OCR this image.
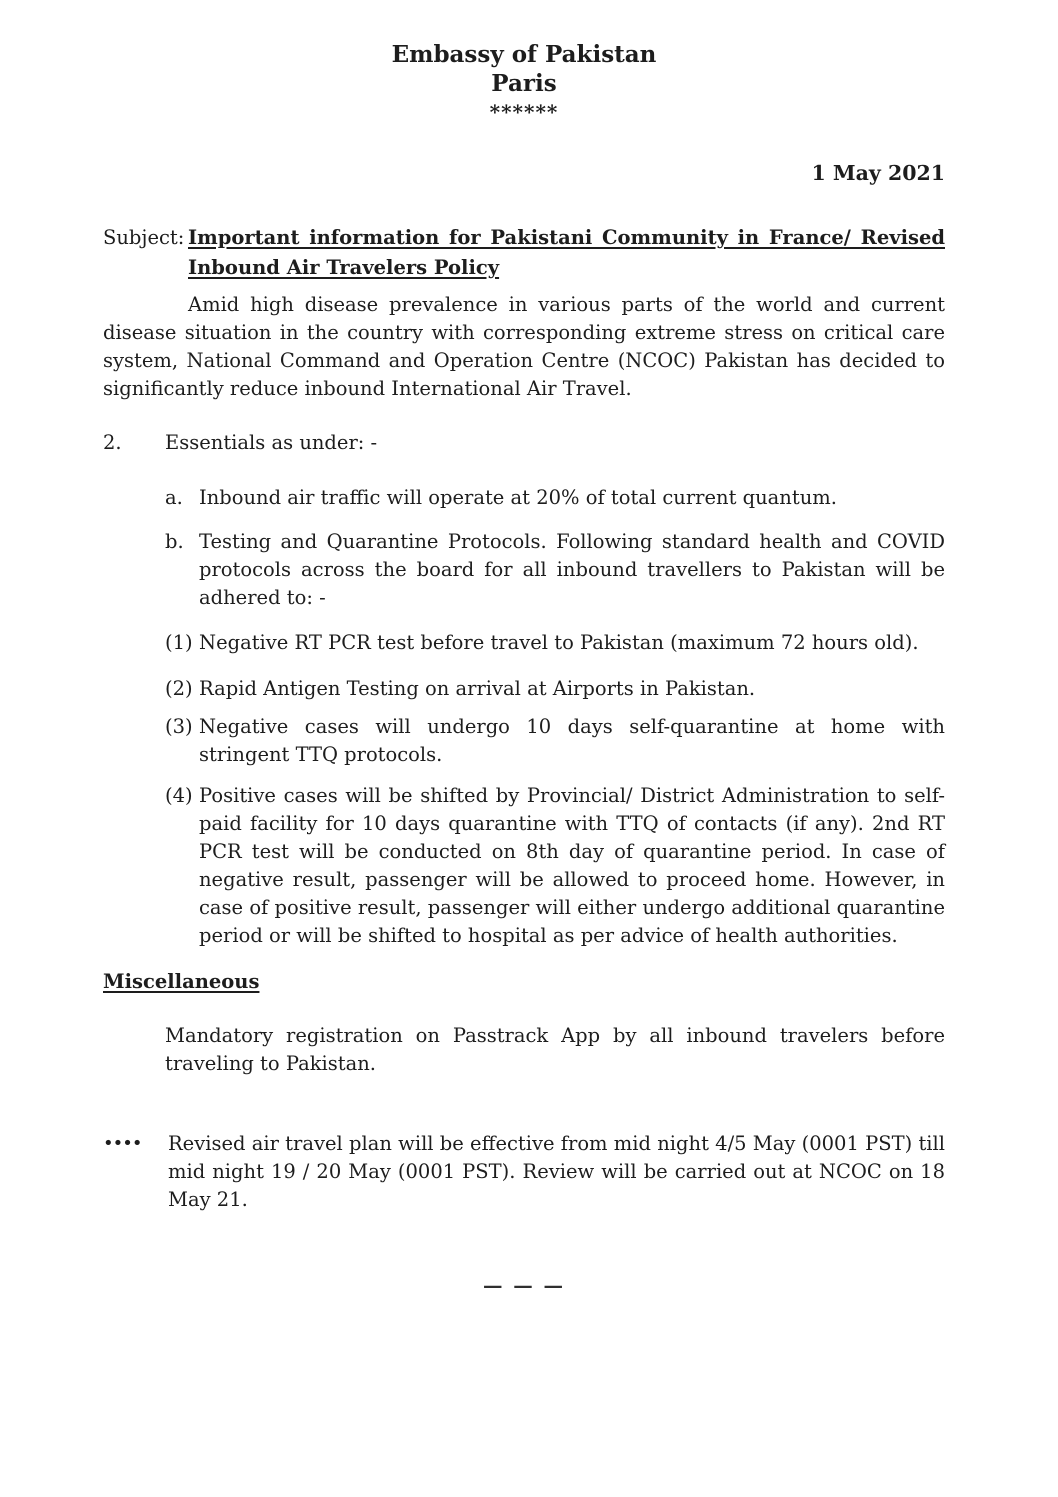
Embassy of Pakistan
Paris
******
1 May 2021
Subject: Important information for Pakistani Community in France/ Revised Inbound Air Travelers Policy

Amid high disease prevalence in various parts of the world and current disease situation in the country with corresponding extreme stress on critical care system, National Command and Operation Centre (NCOC) Pakistan has decided to significantly reduce inbound International Air Travel.

2.	Essentials as under: -
a. Inbound air traffic will operate at 20% of total current quantum.
b. Testing and Quarantine Protocols. Following standard health and COVID protocols across the board for all inbound travellers to Pakistan will be adhered to: -
(1) Negative RT PCR test before travel to Pakistan (maximum 72 hours old).
(2) Rapid Antigen Testing on arrival at Airports in Pakistan.
(3) Negative cases will undergo 10 days self-quarantine at home with stringent TTQ protocols.
(4) Positive cases will be shifted by Provincial/ District Administration to self-paid facility for 10 days quarantine with TTQ of contacts (if any). 2nd RT PCR test will be conducted on 8th day of quarantine period. In case of negative result, passenger will be allowed to proceed home. However, in case of positive result, passenger will either undergo additional quarantine period or will be shifted to hospital as per advice of health authorities.
Miscellaneous

Mandatory registration on Passtrack App by all inbound travelers before traveling to Pakistan.

••••	Revised air travel plan will be effective from mid night 4/5 May (0001 PST) till mid night 19 / 20 May (0001 PST). Review will be carried out at NCOC on 18 May 21.
— — —
